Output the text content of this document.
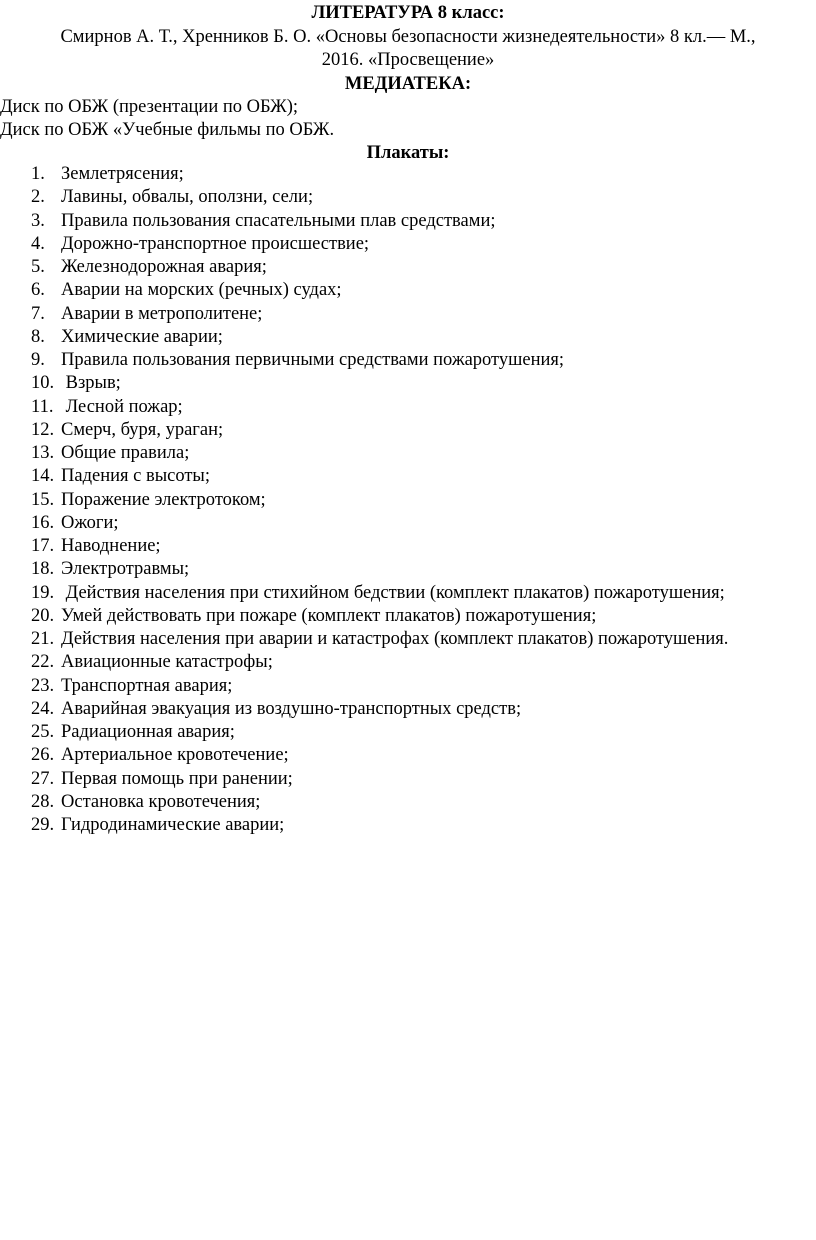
ЛИТЕРАТУРА 8 класс:
Смирнов А. Т., Хренников Б. О. «Основы безопасности жизнедеятельности» 8 кл.— М.,
2016. «Просвещение»
МЕДИАТЕКА:
Диск по ОБЖ (презентации по ОБЖ);
Диск по ОБЖ «Учебные фильмы по ОБЖ.
Плакаты:
1. Землетрясения;
2. Лавины, обвалы, оползни, сели;
3. Правила пользования спасательными плав средствами;
4. Дорожно-транспортное происшествие;
5. Железнодорожная авария;
6. Аварии на морских (речных) судах;
7. Аварии в метрополитене;
8. Химические аварии;
9. Правила пользования первичными средствами пожаротушения;
10. Взрыв;
11. Лесной пожар;
12. Смерч, буря, ураган;
13. Общие правила;
14. Падения с высоты;
15. Поражение электротоком;
16. Ожоги;
17. Наводнение;
18. Электротравмы;
19. Действия населения при стихийном бедствии (комплект плакатов) пожаротушения;
20. Умей действовать при пожаре (комплект плакатов) пожаротушения;
21. Действия населения при аварии и катастрофах (комплект плакатов) пожаротушения.
22. Авиационные катастрофы;
23. Транспортная авария;
24. Аварийная эвакуация из воздушно-транспортных средств;
25. Радиационная авария;
26. Артериальное кровотечение;
27. Первая помощь при ранении;
28. Остановка кровотечения;
29. Гидродинамические аварии;
